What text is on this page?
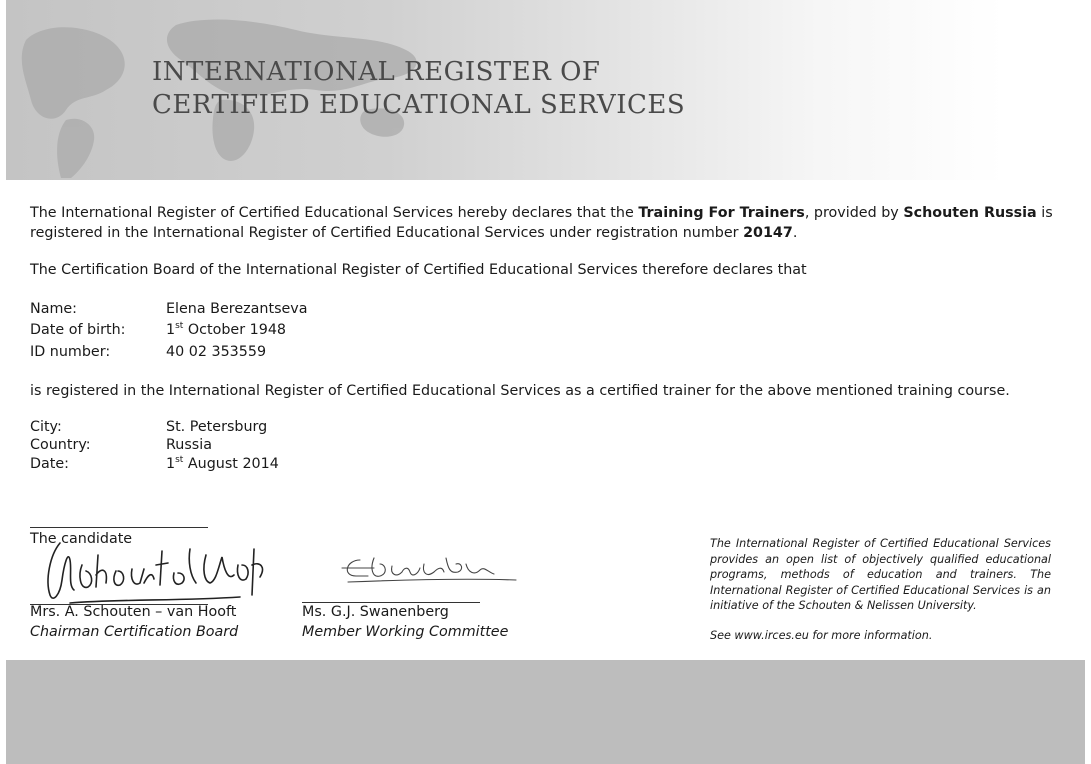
INTERNATIONAL REGISTER OF
CERTIFIED EDUCATIONAL SERVICES
The International Register of Certified Educational Services hereby declares that the Training For Trainers, provided by Schouten Russia is
registered in the International Register of Certified Educational Services under registration number 20147.
The Certification Board of the International Register of Certified Educational Services therefore declares that
Name:	Elena Berezantseva
Date of birth:	1st October 1948
ID number:	40 02 353559
is registered in the International Register of Certified Educational Services as a certified trainer for the above mentioned training course.
City:	St. Petersburg
Country:	Russia
Date:	1st August 2014
The candidate
Mrs. A. Schouten – van Hooft
Chairman Certification Board
Ms. G.J. Swanenberg
Member Working Committee
The International Register of Certified Educational Services provides an open list of objectively qualified educational programs, methods of education and trainers. The International Register of Certified Educational Services is an initiative of the Schouten & Nelissen University.
See www.irces.eu for more information.
